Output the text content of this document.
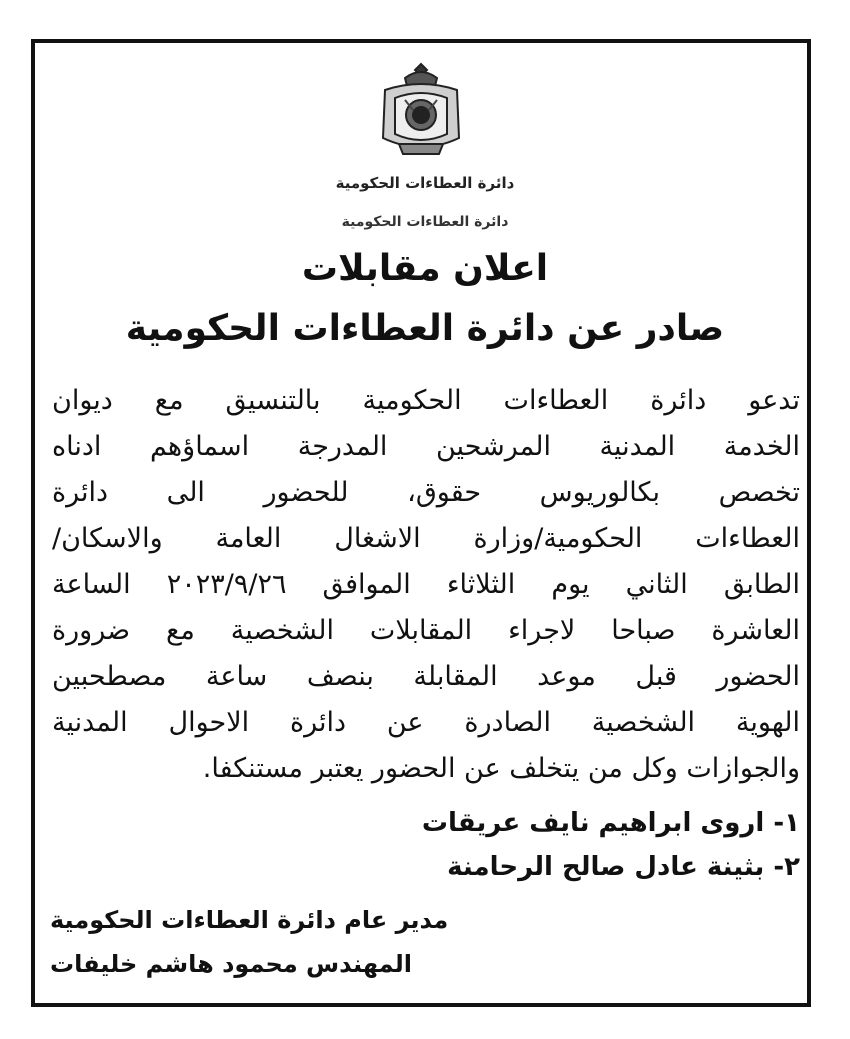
دائرة العطاءات الحكومية
دائرة العطاءات الحكومية
اعلان مقابلات
صادر عن دائرة العطاءات الحكومية
تدعو دائرة العطاءات الحكومية بالتنسيق مع ديوان
الخدمة المدنية المرشحين المدرجة اسماؤهم ادناه
تخصص بكالوريوس حقوق، للحضور الى دائرة
العطاءات الحكومية/وزارة الاشغال العامة والاسكان/
الطابق الثاني يوم الثلاثاء الموافق ٢٠٢٣/٩/٢٦ الساعة
العاشرة صباحا لاجراء المقابلات الشخصية مع ضرورة
الحضور قبل موعد المقابلة بنصف ساعة مصطحبين
الهوية الشخصية الصادرة عن دائرة الاحوال المدنية
والجوازات وكل من يتخلف عن الحضور يعتبر مستنكفا.
١- اروى ابراهيم نايف عريقات
٢- بثينة عادل صالح الرحامنة
مدير عام دائرة العطاءات الحكومية
المهندس محمود هاشم خليفات
